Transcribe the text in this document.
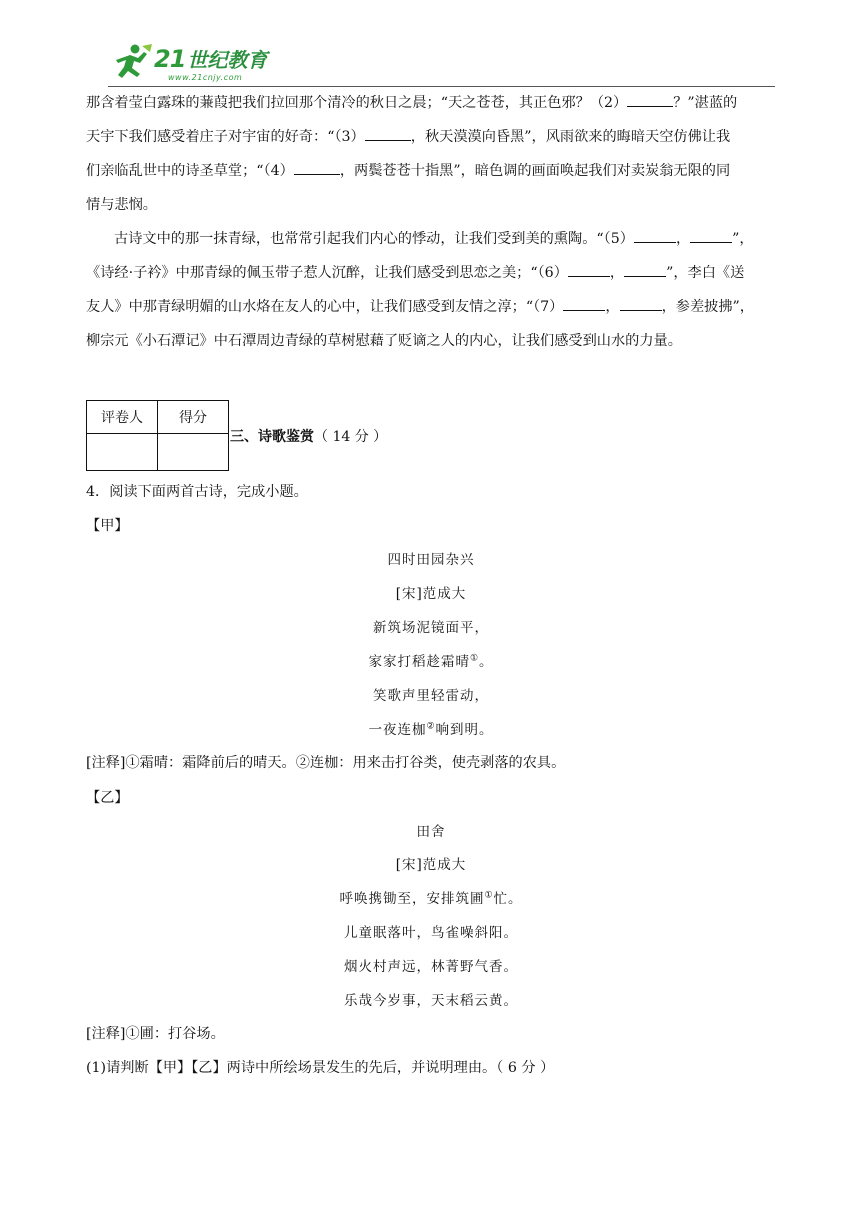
21 世纪教育
www.21cnjy.com
那含着莹白露珠的蒹葭把我们拉回那个清冷的秋日之晨；“天之苍苍，其正色邪？（2）	？”湛蓝的
天宇下我们感受着庄子对宇宙的好奇：“（3）	，秋天漠漠向昏黑”，风雨欲来的晦暗天空仿佛让我
们亲临乱世中的诗圣草堂；“（4）	，两鬓苍苍十指黑”，暗色调的画面唤起我们对卖炭翁无限的同
情与悲悯。
古诗文中的那一抹青绿，也常常引起我们内心的悸动，让我们受到美的熏陶。“（5）	，	”，
《诗经·子衿》中那青绿的佩玉带子惹人沉醉，让我们感受到思恋之美；“（6）	，	”，李白《送
友人》中那青绿明媚的山水烙在友人的心中，让我们感受到友情之淳；“（7）	，	，参差披拂”，
柳宗元《小石潭记》中石潭周边青绿的草树慰藉了贬谪之人的内心，让我们感受到山水的力量。
评卷人	得分

三、诗歌鉴赏（ 14 分 ）

4．阅读下面两首古诗，完成小题。

【甲】

四时田园杂兴

[宋]范成大

新筑场泥镜面平，

家家打稻趁霜晴①。

笑歌声里轻雷动，

一夜连枷②响到明。

[注释]①霜晴：霜降前后的晴天。②连枷：用来击打谷类，使壳剥落的农具。

【乙】

田舍

[宋]范成大

呼唤携锄至，安排筑圃①忙。

儿童眠落叶，鸟雀噪斜阳。

烟火村声远，林菁野气香。

乐哉今岁事，天末稻云黄。

[注释]①圃：打谷场。

(1)请判断【甲】【乙】两诗中所绘场景发生的先后，并说明理由。（ 6 分 ）
